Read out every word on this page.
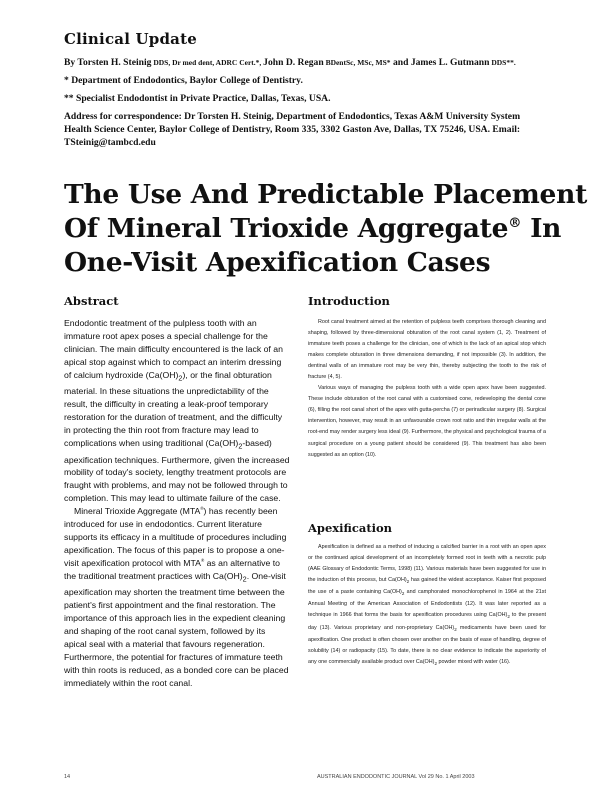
Clinical Update

By Torsten H. Steinig DDS, Dr med dent, ADRC Cert.*, John D. Regan BDentSc, MSc, MS* and James L. Gutmann DDS**.

* Department of Endodontics, Baylor College of Dentistry.

** Specialist Endodontist in Private Practice, Dallas, Texas, USA.

Address for correspondence: Dr Torsten H. Steinig, Department of Endodontics, Texas A&M University System Health Science Center, Baylor College of Dentistry, Room 335, 3302 Gaston Ave, Dallas, TX 75246, USA. Email: TSteinig@tambcd.edu

The Use And Predictable Placement
Of Mineral Trioxide Aggregate® In
One-Visit Apexification Cases
Abstract

Endodontic treatment of the pulpless tooth with an immature root apex poses a special challenge for the clinician. The main difficulty encountered is the lack of an apical stop against which to compact an interim dressing of calcium hydroxide $(Ca(OH)_2)$, or the final obturation material. In these situations the unpredictability of the result, the difficulty in creating a leak-proof temporary restoration for the duration of treatment, and the difficulty in protecting the thin root from fracture may lead to complications when using traditional $(Ca(OH)_2-based)$ apexification techniques. Furthermore, given the increased mobility of today's society, lengthy treatment protocols are fraught with problems, and may not be followed through to completion. This may lead to ultimate failure of the case.

Mineral Trioxide Aggregate (MTA®) has recently been introduced for use in endodontics. Current literature supports its efficacy in a multitude of procedures including apexification. The focus of this paper is to propose a one-visit apexification protocol with MTA® as an alternative to the traditional treatment practices with $Ca(OH)_2$. One-visit apexification may shorten the treatment time between the patient's first appointment and the final restoration. The importance of this approach lies in the expedient cleaning and shaping of the root canal system, followed by its apical seal with a material that favours regeneration. Furthermore, the potential for fractures of immature teeth with thin roots is reduced, as a bonded core can be placed immediately within the root canal.

Introduction

Root canal treatment aimed at the retention of pulpless teeth comprises thorough cleaning and shaping, followed by three-dimensional obturation of the root canal system (1, 2). Treatment of immature teeth poses a challenge for the clinician, one of which is the lack of an apical stop which makes complete obturation in three dimensions demanding, if not impossible (3). In addition, the dentinal walls of an immature root may be very thin, thereby subjecting the tooth to the risk of fracture (4, 5).

Various ways of managing the pulpless tooth with a wide open apex have been suggested. These include obturation of the root canal with a customised cone, redeveloping the dental cone (6), filling the root canal short of the apex with gutta-percha (7) or periradicular surgery (8). Surgical intervention, however, may result in an unfavourable crown root ratio and thin irregular walls at the root-end may render surgery less ideal (9). Furthermore, the physical and psychological trauma of a surgical procedure on a young patient should be considered (9). This treatment has also been suggested as an option (10).

Apexification

Apexification is defined as a method of inducing a calcified barrier in a root with an open apex or the continued apical development of an incompletely formed root in teeth with a necrotic pulp (AAE Glossary of Endodontic Terms, 1998) (11). Various materials have been suggested for use in the induction of this process, but $Ca(OH)_2$ has gained the widest acceptance. Kaiser first proposed the use of a paste containing $Ca(OH)_2$ and camphorated monochlorophenol in 1964 at the 21st Annual Meeting of the American Association of Endodontists (12). It was later reported as a technique in 1966 that forms the basis for apexification procedures using $Ca(OH)_2$ to the present day (13). Various proprietary and non-proprietary $Ca(OH)_2$ medicaments have been used for apexification. One product is often chosen over another on the basis of ease of handling, degree of solubility (14) or radiopacity (15). To date, there is no clear evidence to indicate the superiority of any one commercially available product over $Ca(OH)_2$ powder mixed with water (16).

14	AUSTRALIAN ENDODONTIC JOURNAL Vol 29 No. 1 April 2003
